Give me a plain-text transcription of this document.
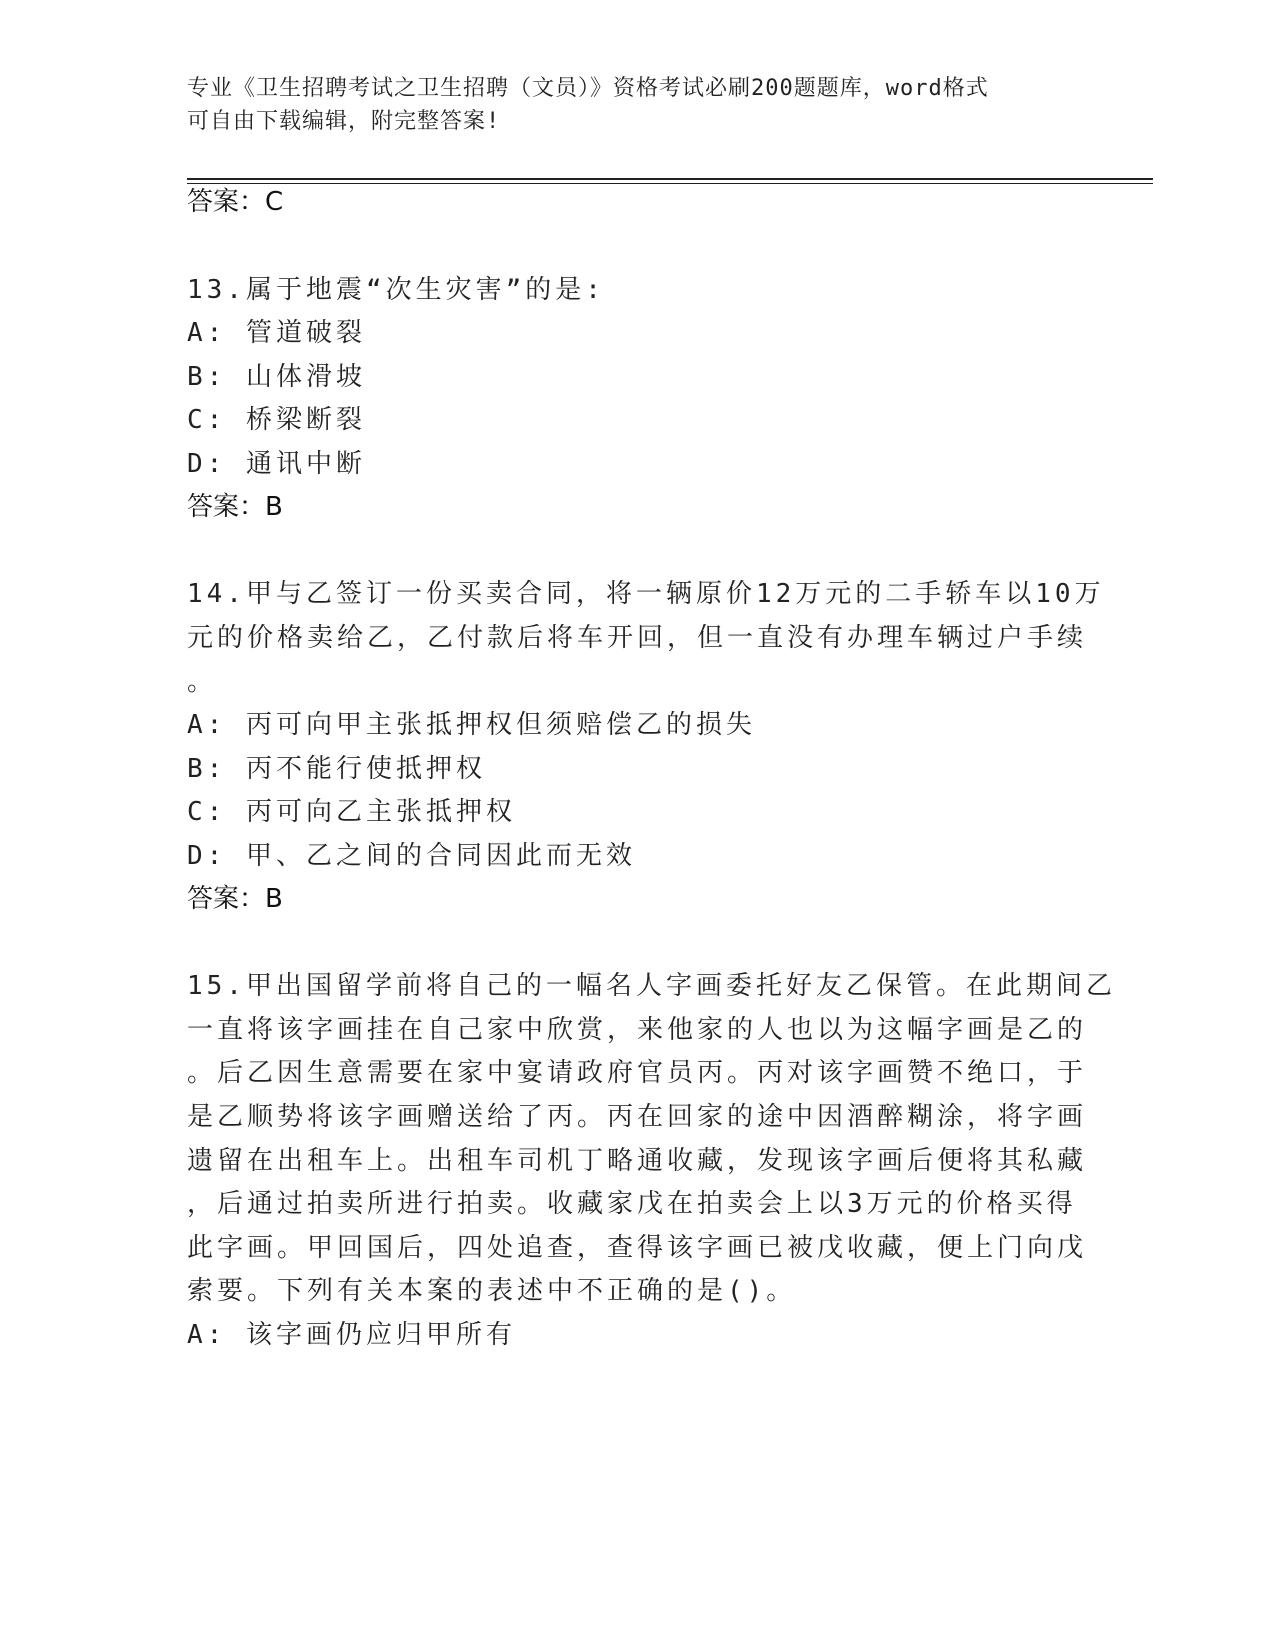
专业《卫生招聘考试之卫生招聘（文员）》资格考试必刷200题题库，word格式
可自由下载编辑，附完整答案!
答案：C
13.属于地震“次生灾害”的是:
A: 管道破裂
B: 山体滑坡
C: 桥梁断裂
D: 通讯中断
答案：B
14.甲与乙签订一份买卖合同，将一辆原价12万元的二手轿车以10万
元的价格卖给乙，乙付款后将车开回，但一直没有办理车辆过户手续
。
A: 丙可向甲主张抵押权但须赔偿乙的损失
B: 丙不能行使抵押权
C: 丙可向乙主张抵押权
D: 甲、乙之间的合同因此而无效
答案：B
15.甲出国留学前将自己的一幅名人字画委托好友乙保管。在此期间乙
一直将该字画挂在自己家中欣赏，来他家的人也以为这幅字画是乙的
。后乙因生意需要在家中宴请政府官员丙。丙对该字画赞不绝口，于
是乙顺势将该字画赠送给了丙。丙在回家的途中因酒醉糊涂，将字画
遗留在出租车上。出租车司机丁略通收藏，发现该字画后便将其私藏
，后通过拍卖所进行拍卖。收藏家戊在拍卖会上以3万元的价格买得
此字画。甲回国后，四处追查，查得该字画已被戊收藏，便上门向戊
索要。下列有关本案的表述中不正确的是()。
A: 该字画仍应归甲所有
